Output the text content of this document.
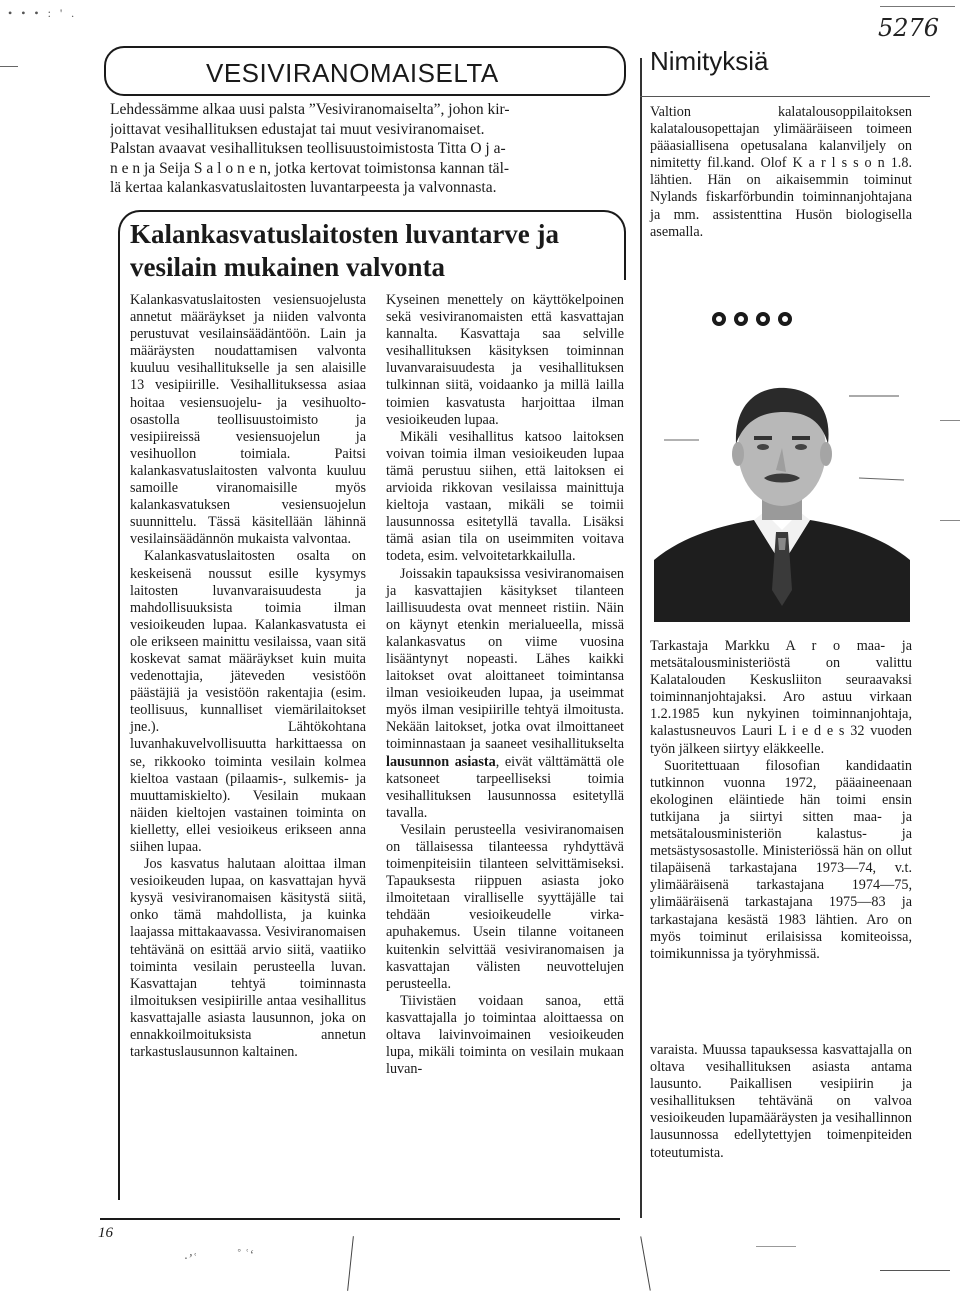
• • • : ' .
5276
VESIVIRANOMAISELTA
Lehdessämme alkaa uusi palsta ”Vesiviranomaiselta”, johon kir-
joittavat vesihallituksen edustajat tai muut vesiviranomaiset.
Palstan avaavat vesihallituksen teollisuustoimistosta Titta O j a-
n e n ja Seija S a l o n e n, jotka kertovat toimistonsa kannan täl-
lä kertaa kalankasvatuslaitosten luvantarpeesta ja valvonnasta.
Kalankasvatuslaitosten luvantarve ja
vesilain mukainen valvonta

Kalankasvatuslaitosten vesiensuojelusta annetut määräykset ja niiden valvonta perustuvat vesilainsäädäntöön. Lain ja määräysten noudattamisen valvonta kuuluu vesihallitukselle ja sen alaisille 13 vesipiirille. Vesihallituksessa asiaa hoitaa vesiensuojelu- ja vesihuolto-osastolla teollisuustoimisto ja vesipiireissä vesiensuojelun ja vesihuollon toimiala. Paitsi kalankasvatuslaitosten valvonta kuuluu samoille viranomaisille myös kalankasvatuksen vesiensuojelun suunnittelu. Tässä käsitellään lähinnä vesilainsäädännön mukaista valvontaa.

Kalankasvatuslaitosten osalta on keskeisenä noussut esille kysymys laitosten luvanvaraisuudesta ja mahdollisuuksista toimia ilman vesioikeuden lupaa. Kalankasvatusta ei ole erikseen mainittu vesilaissa, vaan sitä koskevat samat määräykset kuin muita vedenottajia, jäteveden vesistöön päästäjiä ja vesistöön rakentajia (esim. teollisuus, kunnalliset viemärilaitokset jne.). Lähtökohtana luvanhakuvelvollisuutta harkittaessa on se, rikkooko toiminta vesilain kolmea kieltoa vastaan (pilaamis-, sulkemis- ja muuttamiskielto). Vesilain mukaan näiden kieltojen vastainen toiminta on kielletty, ellei vesioikeus erikseen anna siihen lupaa.

Jos kasvatus halutaan aloittaa ilman vesioikeuden lupaa, on kasvattajan hyvä kysyä vesiviranomaisen käsitystä siitä, onko tämä mahdollista, ja kuinka laajassa mittakaavassa. Vesiviranomaisen tehtävänä on esittää arvio siitä, vaatiiko toiminta vesilain perusteella luvan. Kasvattajan tehtyä toiminnasta ilmoituksen vesipiirille antaa vesihallitus kasvattajalle asiasta lausunnon, joka on ennakkoilmoituksista annetun tarkastuslausunnon kaltainen.

Kyseinen menettely on käyttökelpoinen sekä vesiviranomaisten että kasvattajan kannalta. Kasvattaja saa selville vesihallituksen käsityksen toiminnan luvanvaraisuudesta ja vesihallituksen tulkinnan siitä, voidaanko ja millä lailla toimien kasvatusta harjoittaa ilman vesioikeuden lupaa.

Mikäli vesihallitus katsoo laitoksen voivan toimia ilman vesioikeuden lupaa tämä perustuu siihen, että laitoksen ei arvioida rikkovan vesilaissa mainittuja kieltoja vastaan, mikäli se toimii lausunnossa esitetyllä tavalla. Lisäksi tämä asian tila on useimmiten voitava todeta, esim. velvoitetarkkailulla.

Joissakin tapauksissa vesiviranomaisen ja kasvattajien käsitykset tilanteen laillisuudesta ovat menneet ristiin. Näin on käynyt etenkin merialueella, missä kalankasvatus on viime vuosina lisääntynyt nopeasti. Lähes kaikki laitokset ovat aloittaneet toimintansa ilman vesioikeuden lupaa, ja useimmat myös ilman vesipiirille tehtyä ilmoitusta. Nekään laitokset, jotka ovat ilmoittaneet toiminnastaan ja saaneet vesihallitukselta lausunnon asiasta, eivät välttämättä ole katsoneet tarpeelliseksi toimia vesihallituksen lausunnossa esitetyllä tavalla.

Vesilain perusteella vesiviranomaisen on tällaisessa tilanteessa ryhdyttävä toimenpiteisiin tilanteen selvittämiseksi. Tapauksesta riippuen asiasta joko ilmoitetaan viralliselle syyttäjälle tai tehdään vesioikeudelle virka-apuhakemus. Usein tilanne voitaneen kuitenkin selvittää vesiviranomaisen ja kasvattajan välisten neuvottelujen perusteella.

Tiivistäen voidaan sanoa, että kasvattajalla jo toimintaa aloittaessa on oltava laivinvoimainen vesioikeuden lupa, mikäli toiminta on vesilain mukaan luvan-

Nimityksiä

Valtion kalatalousoppilaitoksen kalatalousopettajan ylimääräiseen toimeen pääasiallisena opetusalana kalanviljely on nimitetty fil.kand. Olof K a r l s s o n 1.8. lähtien. Hän on aikaisemmin toiminut Nylands fiskarförbundin toiminnanjohtajana ja mm. assistenttina Husön biologisella asemalla.

Tarkastaja Markku A r o maa- ja metsätalousministeriöstä on valittu Kalatalouden Keskusliiton seuraavaksi toiminnanjohtajaksi. Aro astuu virkaan 1.2.1985 kun nykyinen toiminnanjohtaja, kalastusneuvos Lauri L i e d e s 32 vuoden työn jälkeen siirtyy eläkkeelle.

Suoritettuaan filosofian kandidaatin tutkinnon vuonna 1972, pääaineenaan ekologinen eläintiede hän toimi ensin tutkijana ja siirtyi sitten maa- ja metsätalousministeriön kalastus- ja metsästysosastolle. Ministeriössä hän on ollut tilapäisenä tarkastajana 1973—74, v.t. ylimääräisenä tarkastajana 1974—75, ylimääräisenä tarkastajana 1975—83 ja tarkastajana kesästä 1983 lähtien. Aro on myös toiminut erilaisissa komiteoissa, toimikunnissa ja työryhmissä.

varaista. Muussa tapauksessa kasvattajalla on oltava vesihallituksen asiasta antama lausunto. Paikallisen vesipiirin ja vesihallituksen tehtävänä on valvoa vesioikeuden lupamääräysten ja vesihallinnon lausunnossa edellytettyjen toimenpiteiden toteutumista.

16
·’ʿ	˚ ʿʻ
